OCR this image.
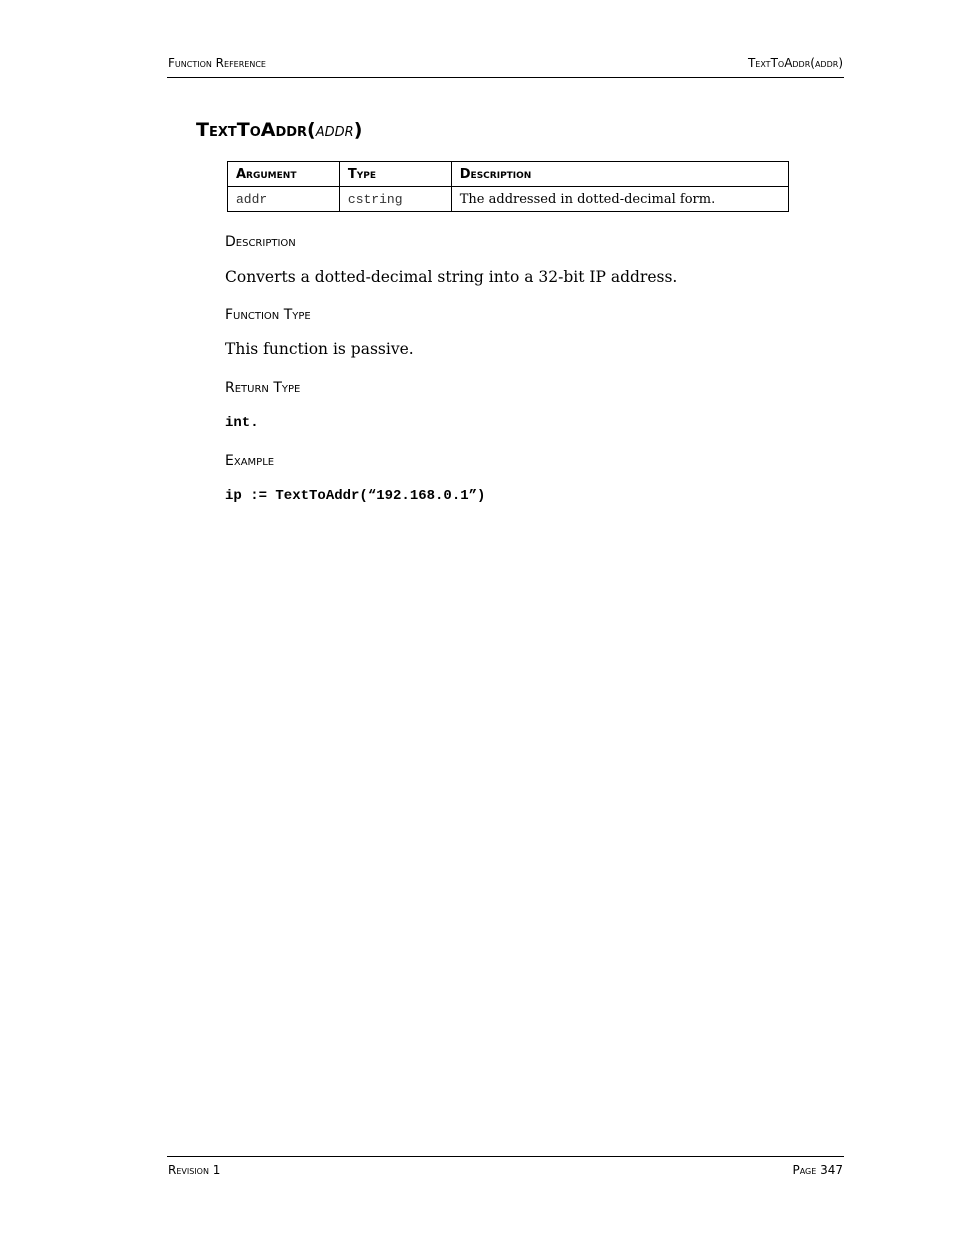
Function Reference	TextToAddr(addr)
TextToAddr(addr)
Argument	Type	Description
addr	cstring	The addressed in dotted-decimal form.
Description

Converts a dotted-decimal string into a 32-bit IP address.

Function Type

This function is passive.

Return Type

int.

Example

ip := TextToAddr(“192.168.0.1”)

Revision 1	Page 347
